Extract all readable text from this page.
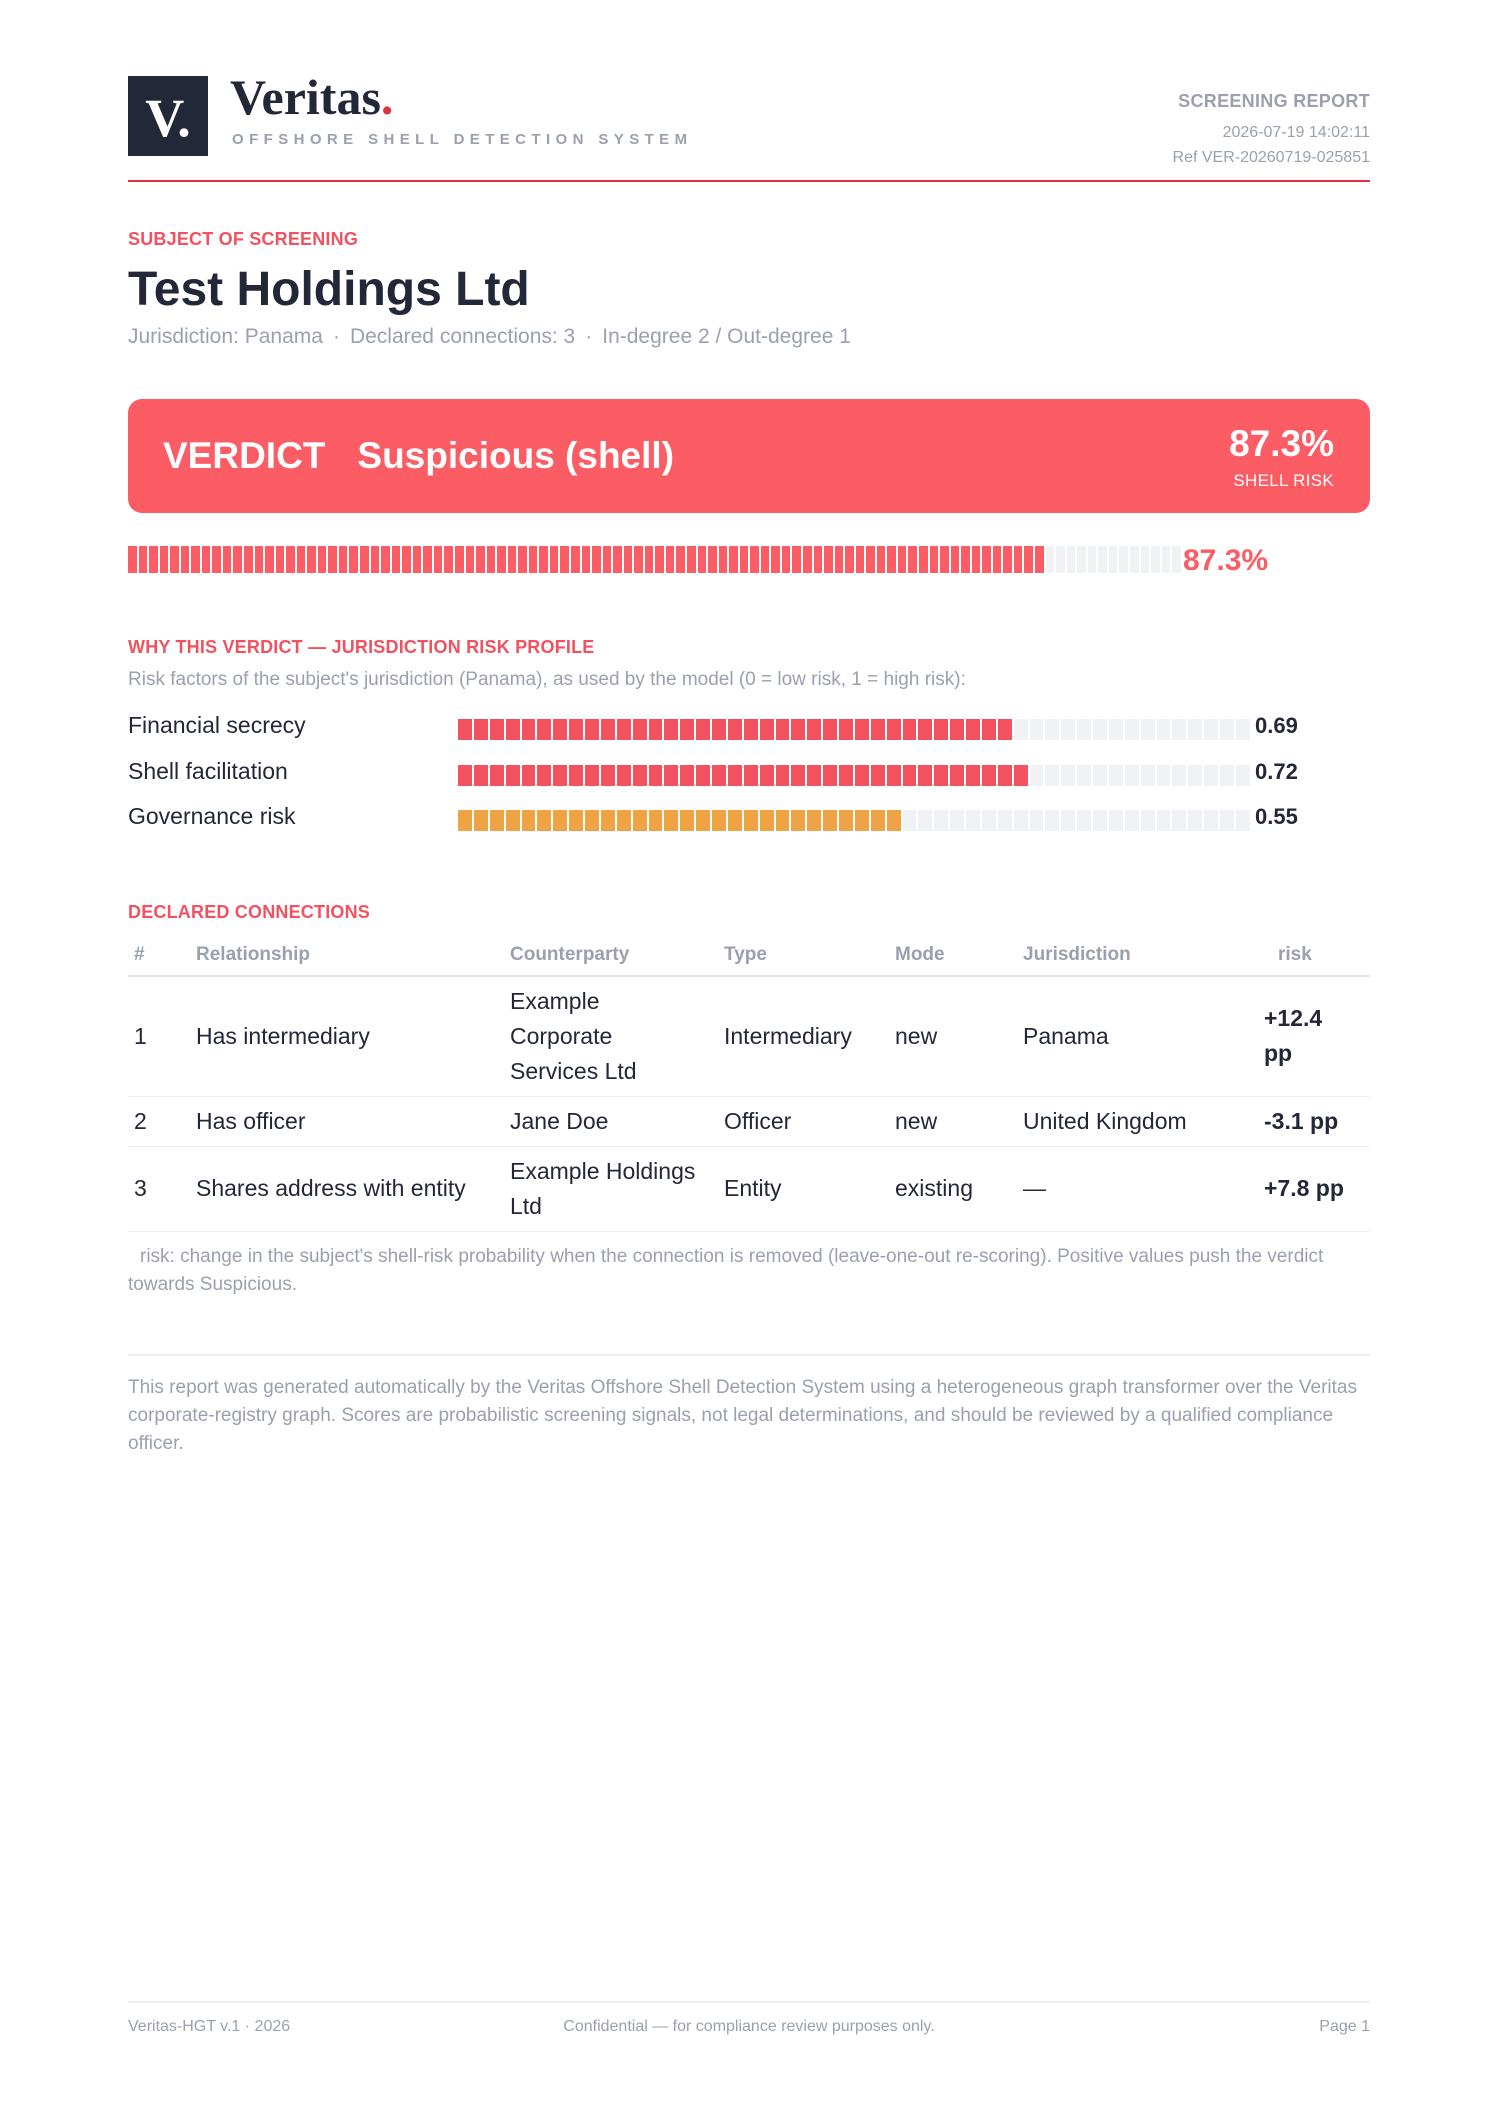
V. Veritas.
OFFSHORE SHELL DETECTION SYSTEM
SCREENING REPORT
2026-07-19 14:02:11
Ref VER-20260719-025851
SUBJECT OF SCREENING
Test Holdings Ltd
Jurisdiction: Panama · Declared connections: 3 · In-degree 2 / Out-degree 1
VERDICT Suspicious (shell)	87.3%
SHELL RISK
87.3%
WHY THIS VERDICT — JURISDICTION RISK PROFILE
Risk factors of the subject's jurisdiction (Panama), as used by the model (0 = low risk, 1 = high risk):
Financial secrecy	0.69
Shell facilitation	0.72
Governance risk	0.55
DECLARED CONNECTIONS
#	Relationship	Counterparty	Type	Mode	Jurisdiction	risk
1	Has intermediary	Example Corporate Services Ltd	Intermediary	new	Panama	+12.4 pp
2	Has officer	Jane Doe	Officer	new	United Kingdom	-3.1 pp
3	Shares address with entity	Example Holdings Ltd	Entity	existing	—	+7.8 pp
risk: change in the subject's shell-risk probability when the connection is removed (leave-one-out re-scoring). Positive values push the verdict towards Suspicious.
This report was generated automatically by the Veritas Offshore Shell Detection System using a heterogeneous graph transformer over the Veritas corporate-registry graph. Scores are probabilistic screening signals, not legal determinations, and should be reviewed by a qualified compliance officer.
Confidential — for compliance review purposes only.
Veritas-HGT v.1 · 2026	Page 1
